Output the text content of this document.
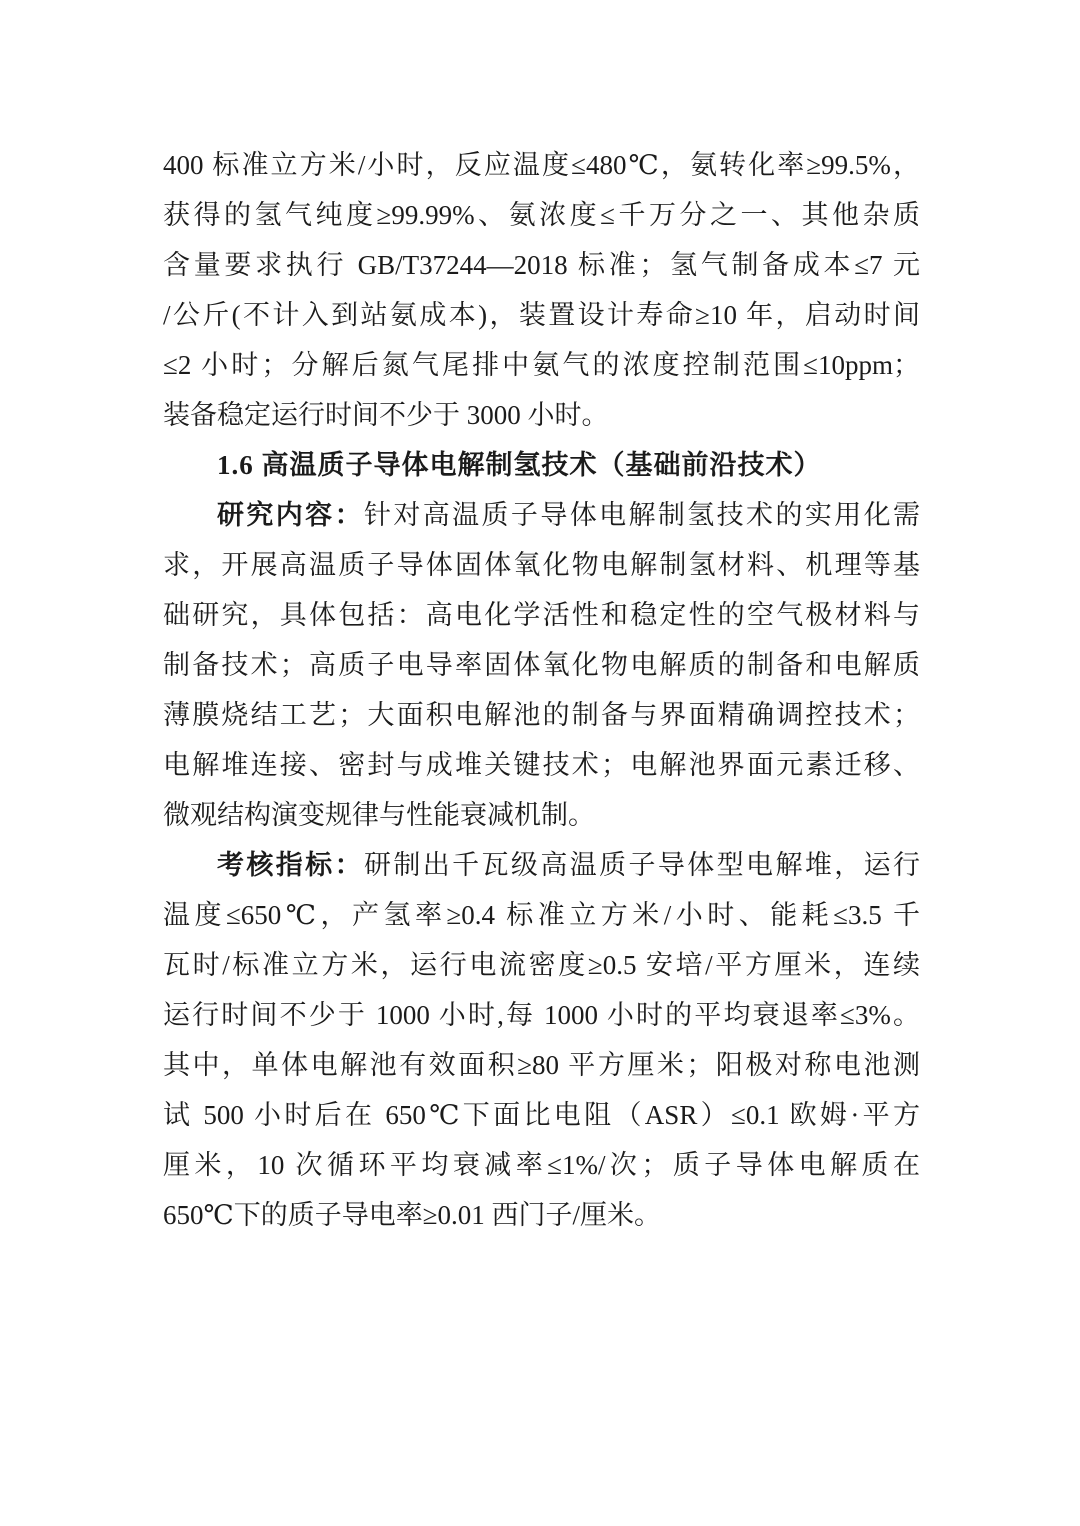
400 标准立方米/小时，反应温度≤480℃，氨转化率≥99.5%，
获得的氢气纯度≥99.99%、氨浓度≤千万分之一、其他杂质
含量要求执行 GB/T37244—2018 标准；氢气制备成本≤7 元
/公斤(不计入到站氨成本)，装置设计寿命≥10 年，启动时间
≤2 小时；分解后氮气尾排中氨气的浓度控制范围≤10ppm；
装备稳定运行时间不少于 3000 小时。
1.6 高温质子导体电解制氢技术（基础前沿技术）
研究内容：针对高温质子导体电解制氢技术的实用化需
求，开展高温质子导体固体氧化物电解制氢材料、机理等基
础研究，具体包括：高电化学活性和稳定性的空气极材料与
制备技术；高质子电导率固体氧化物电解质的制备和电解质
薄膜烧结工艺；大面积电解池的制备与界面精确调控技术；
电解堆连接、密封与成堆关键技术；电解池界面元素迁移、
微观结构演变规律与性能衰减机制。
考核指标：研制出千瓦级高温质子导体型电解堆，运行
温度≤650℃，产氢率≥0.4 标准立方米/小时、能耗≤3.5 千
瓦时/标准立方米，运行电流密度≥0.5 安培/平方厘米，连续
运行时间不少于 1000 小时,每 1000 小时的平均衰退率≤3%。
其中，单体电解池有效面积≥80 平方厘米；阳极对称电池测
试 500 小时后在 650℃下面比电阻（ASR）≤0.1 欧姆·平方
厘米，10 次循环平均衰减率≤1%/次；质子导体电解质在
650℃下的质子导电率≥0.01 西门子/厘米。
